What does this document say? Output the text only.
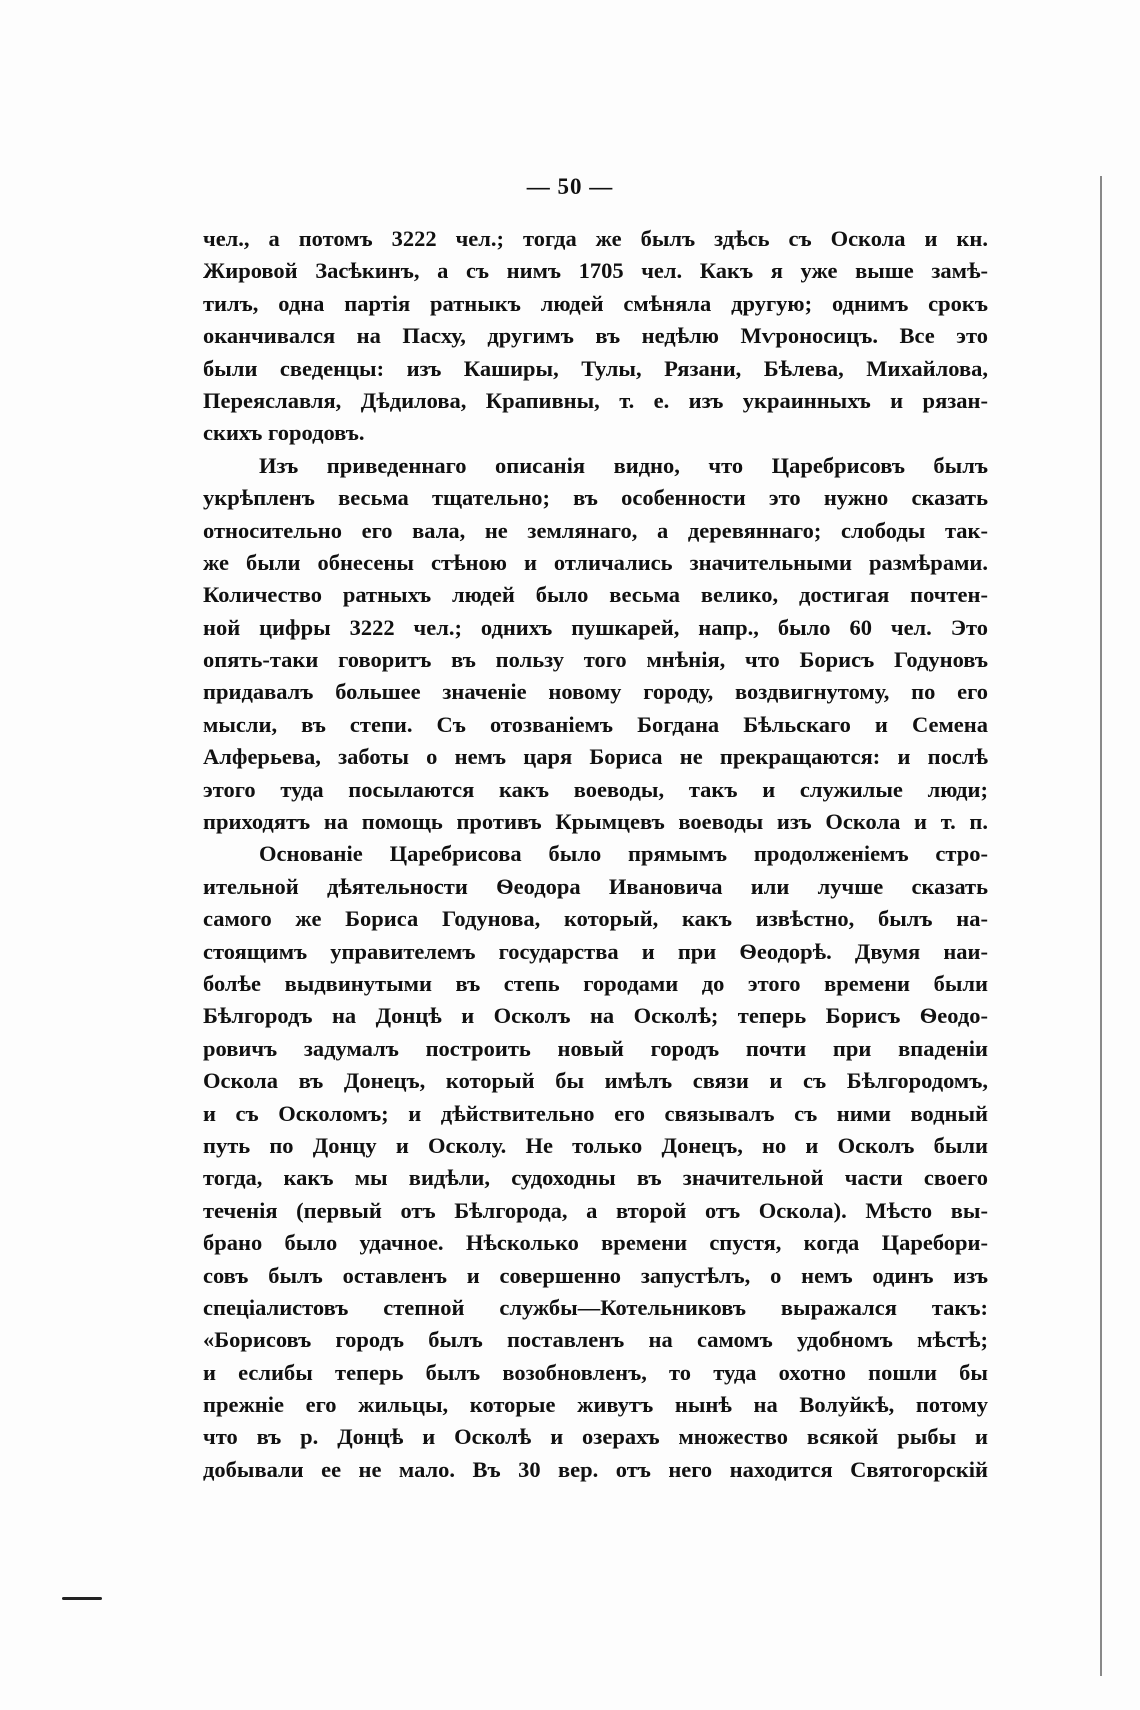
— 50 —
чел., а потомъ 3222 чел.; тогда же былъ здѣсь съ Оскола и кн.
Жировой Засѣкинъ, а съ нимъ 1705 чел. Какъ я уже выше замѣ-
тилъ, одна партія ратныкъ людей смѣняла другую; однимъ срокъ
оканчивался на Пасху, другимъ въ недѣлю Мѵроносицъ. Все это
были сведенцы: изъ Каширы, Тулы, Рязани, Бѣлева, Михайлова,
Переяславля, Дѣдилова, Крапивны, т. е. изъ украинныхъ и рязан-
скихъ городовъ.
Изъ приведеннаго описанія видно, что Царебрисовъ былъ
укрѣпленъ весьма тщательно; въ особенности это нужно сказать
относительно его вала, не землянаго, а деревяннаго; слободы так-
же были обнесены стѣною и отличались значительными размѣрами.
Количество ратныхъ людей было весьма велико, достигая почтен-
ной цифры 3222 чел.; однихъ пушкарей, напр., было 60 чел. Это
опять-таки говоритъ въ пользу того мнѣнія, что Борисъ Годуновъ
придавалъ большее значеніе новому городу, воздвигнутому, по его
мысли, въ степи. Съ отозваніемъ Богдана Бѣльскаго и Семена
Алферьева, заботы о немъ царя Бориса не прекращаются: и послѣ
этого туда посылаются какъ воеводы, такъ и служилые люди;
приходятъ на помощь противъ Крымцевъ воеводы изъ Оскола и т. п.
Основаніе Царебрисова было прямымъ продолженіемъ стро-
ительной дѣятельности Ѳеодора Ивановича или лучше сказать
самого же Бориса Годунова, который, какъ извѣстно, былъ на-
стоящимъ управителемъ государства и при Ѳеодорѣ. Двумя наи-
болѣе выдвинутыми въ степь городами до этого времени были
Бѣлгородъ на Донцѣ и Осколъ на Осколѣ; теперь Борисъ Ѳеодо-
ровичъ задумалъ построить новый городъ почти при впаденіи
Оскола въ Донецъ, который бы имѣлъ связи и съ Бѣлгородомъ,
и съ Осколомъ; и дѣйствительно его связывалъ съ ними водный
путь по Донцу и Осколу. Не только Донецъ, но и Осколъ были
тогда, какъ мы видѣли, судоходны въ значительной части своего
теченія (первый отъ Бѣлгорода, а второй отъ Оскола). Мѣсто вы-
брано было удачное. Нѣсколько времени спустя, когда Царебори-
совъ былъ оставленъ и совершенно запустѣлъ, о немъ одинъ изъ
спеціалистовъ степной службы—Котельниковъ выражался такъ:
«Борисовъ городъ былъ поставленъ на самомъ удобномъ мѣстѣ;
и еслибы теперь былъ возобновленъ, то туда охотно пошли бы
прежніе его жильцы, которые живутъ нынѣ на Волуйкѣ, потому
что въ р. Донцѣ и Осколѣ и озерахъ множество всякой рыбы и
добывали ее не мало. Въ 30 вер. отъ него находится Святогорскій
